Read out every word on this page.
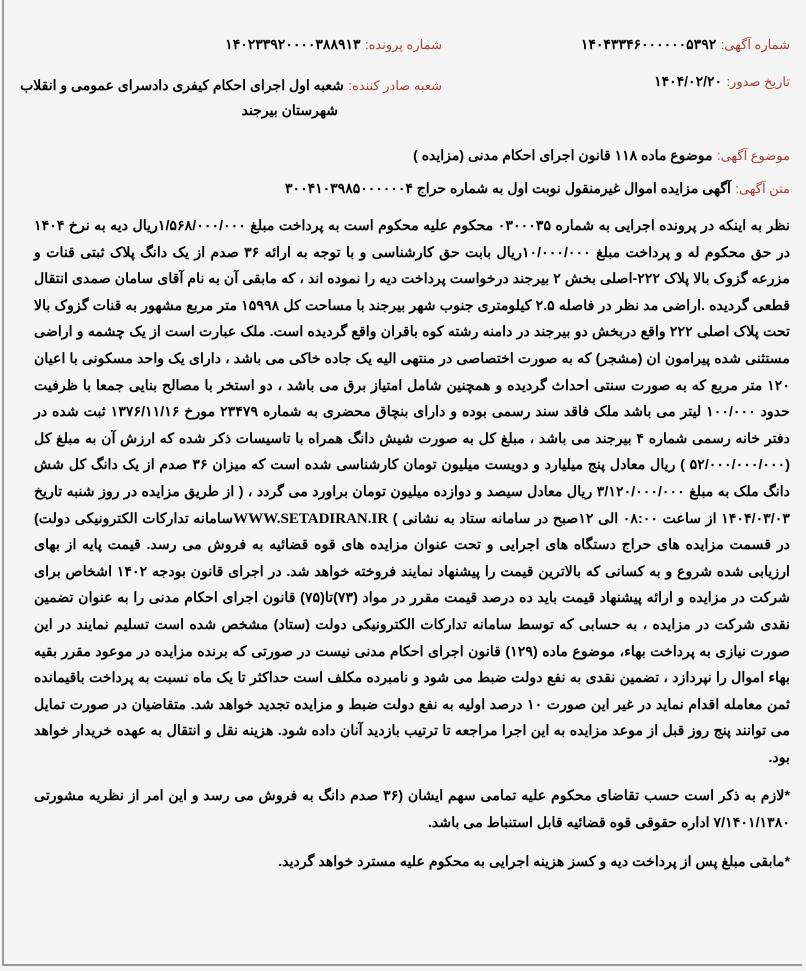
شماره آگهی: ۱۴۰۴۳۳۴۶۰۰۰۰۰۰۵۳۹۲
شماره پرونده: ۱۴۰۲۳۳۹۲۰۰۰۰۳۸۸۹۱۳
تاریخ صدور: ۱۴۰۴/۰۲/۲۰
شعبه صادر کننده: شعبه اول اجرای احکام کیفری دادسرای عمومی و انقلاب
شهرستان بیرجند
موضوع آگهی: موضوع ماده ۱۱۸ قانون اجرای احکام مدنی (مزایده )
متن آگهی: آگهی مزایده اموال غیرمنقول نوبت اول به شماره حراج ۳۰۰۴۱۰۳۹۸۵۰۰۰۰۰۰۴

نظر به اینکه در پرونده اجرایی به شماره ۰۳۰۰۰۳۵ محکوم علیه محکوم است به پرداخت مبلغ ۱/۵۶۸/۰۰۰/۰۰۰ریال دیه به نرخ ۱۴۰۴ در حق محکوم له و پرداخت مبلغ ۱۰/۰۰۰/۰۰۰ریال بابت حق کارشناسی و با توجه به ارائه ۳۶ صدم از یک دانگ پلاک ثبتی قنات و مزرعه گزوک بالا پلاک ۲۲۲-اصلی بخش ۲ بیرجند درخواست پرداخت دیه را نموده اند ، که مابقی آن به نام آقای سامان صمدی انتقال قطعی گردیده .اراضی مد نظر در فاصله ۲.۵ کیلومتری جنوب شهر بیرجند با مساحت کل ۱۵۹۹۸ متر مربع مشهور به قنات گزوک بالا تحت پلاک اصلی ۲۲۲ واقع دربخش دو بیرجند در دامنه رشته کوه باقران واقع گردیده است. ملک عبارت است از یک چشمه و اراضی مستثنی شده پیرامون ان (مشجر) که به صورت اختصاصی در منتهی الیه یک جاده خاکی می باشد ، دارای یک واحد مسکونی با اعیان ۱۲۰ متر مربع که به صورت سنتی احداث گردیده و همچنین شامل امتیاز برق می باشد ، دو استخر با مصالح بنایی جمعا با ظرفیت حدود ۱۰۰/۰۰۰ لیتر می باشد ملک فاقد سند رسمی بوده و دارای بنچاق محضری به شماره ۲۳۴۷۹ مورخ ۱۳۷۶/۱۱/۱۶ ثبت شده در دفتر خانه رسمی شماره ۴ بیرجند می باشد ، مبلغ کل به صورت شیش دانگ همراه با تاسیسات ذکر شده که ارزش آن به مبلغ کل (۵۲/۰۰۰/۰۰۰/۰۰۰ ) ریال معادل پنج میلیارد و دویست میلیون تومان کارشناسی شده است که میزان ۳۶ صدم از یک دانگ کل شش دانگ ملک به مبلغ ۳/۱۲۰/۰۰۰/۰۰۰ ریال معادل سیصد و دوازده میلیون تومان براورد می گردد ، ( از طریق مزایده در روز شنبه تاریخ ۱۴۰۴/۰۳/۰۳ از ساعت ۰۸:۰۰ الی ۱۲صبح در سامانه ستاد به نشانی ) WWW.SETADIRAN.IRسامانه تدارکات الکترونیکی دولت) در قسمت مزایده های حراج دستگاه های اجرایی و تحت عنوان مزایده های قوه قضائیه به فروش می رسد. قیمت پایه از بهای ارزیابی شده شروع و به کسانی که بالاترین قیمت را پیشنهاد نمایند فروخته خواهد شد. در اجرای قانون بودجه ۱۴۰۲ اشخاص برای شرکت در مزایده و ارائه پیشنهاد قیمت باید ده درصد قیمت مقرر در مواد (۷۳)تا(۷۵) قانون اجرای احکام مدنی را به عنوان تضمین نقدی شرکت در مزایده ، به حسابی که توسط سامانه تدارکات الکترونیکی دولت (ستاد) مشخص شده است تسلیم نمایند در این صورت نیازی به پرداخت بهاء، موضوع ماده (۱۲۹) قانون اجرای احکام مدنی نیست در صورتی که برنده مزایده در موعود مقرر بقیه بهاء اموال را نپردازد ، تضمین نقدی به نفع دولت ضبط می شود و نامبرده مکلف است حداکثر تا یک ماه نسبت به پرداخت باقیمانده ثمن معامله اقدام نماید در غیر این صورت ۱۰ درصد اولیه به نفع دولت ضبط و مزایده تجدید خواهد شد. متقاضیان در صورت تمایل می توانند پنج روز قبل از موعد مزایده به این اجرا مراجعه تا ترتیب بازدید آنان داده شود. هزینه نقل و انتقال به عهده خریدار خواهد بود.

*لازم به ذکر است حسب تقاضای محکوم علیه تمامی سهم ایشان (۳۶ صدم دانگ به فروش می رسد و این امر از نظریه مشورتی ۷/۱۴۰۱/۱۳۸۰ اداره حقوقی قوه قضائیه قابل استنباط می باشد.

*مابقی مبلغ پس از پرداخت دیه و کسز هزینه اجرایی به محکوم علیه مسترد خواهد گردید.
